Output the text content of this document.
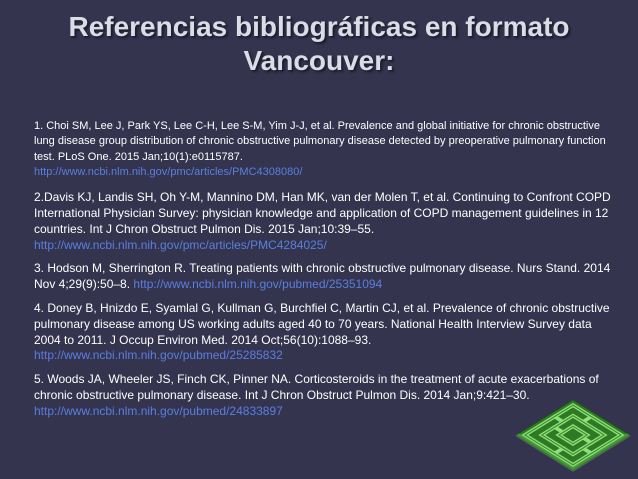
Referencias bibliográficas en formato
Vancouver:
1. Choi SM, Lee J, Park YS, Lee C-H, Lee S-M, Yim J-J, et al. Prevalence and global initiative for chronic obstructive lung disease group distribution of chronic obstructive pulmonary disease detected by preoperative pulmonary function test. PLoS One. 2015 Jan;10(1):e0115787.
http://www.ncbi.nlm.nih.gov/pmc/articles/PMC4308080/
2.Davis KJ, Landis SH, Oh Y-M, Mannino DM, Han MK, van der Molen T, et al. Continuing to Confront COPD International Physician Survey: physician knowledge and application of COPD management guidelines in 12 countries. Int J Chron Obstruct Pulmon Dis. 2015 Jan;10:39–55.
http://www.ncbi.nlm.nih.gov/pmc/articles/PMC4284025/
3. Hodson M, Sherrington R. Treating patients with chronic obstructive pulmonary disease. Nurs Stand. 2014 Nov 4;29(9):50–8. http://www.ncbi.nlm.nih.gov/pubmed/25351094
4. Doney B, Hnizdo E, Syamlal G, Kullman G, Burchfiel C, Martin CJ, et al. Prevalence of chronic obstructive pulmonary disease among US working adults aged 40 to 70 years. National Health Interview Survey data 2004 to 2011. J Occup Environ Med. 2014 Oct;56(10):1088–93.
http://www.ncbi.nlm.nih.gov/pubmed/25285832
5. Woods JA, Wheeler JS, Finch CK, Pinner NA. Corticosteroids in the treatment of acute exacerbations of chronic obstructive pulmonary disease. Int J Chron Obstruct Pulmon Dis. 2014 Jan;9:421–30. http://www.ncbi.nlm.nih.gov/pubmed/24833897
